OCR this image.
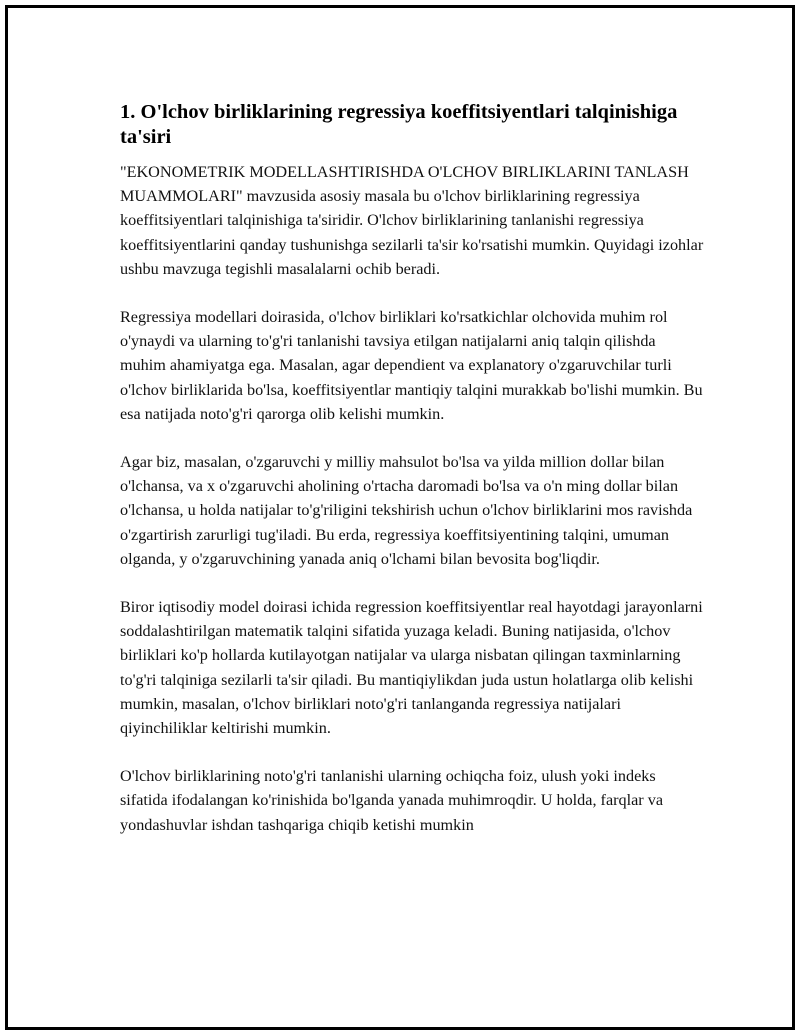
1. O'lchov birliklarining regressiya koeffitsiyentlari talqinishiga ta'siri

"EKONOMETRIK MODELLASHTIRISHDA O'LCHOV BIRLIKLARINI TANLASH MUAMMOLARI" mavzusida asosiy masala bu o'lchov birliklarining regressiya koeffitsiyentlari talqinishiga ta'siridir. O'lchov birliklarining tanlanishi regressiya koeffitsiyentlarini qanday tushunishga sezilarli ta'sir ko'rsatishi mumkin. Quyidagi izohlar ushbu mavzuga tegishli masalalarni ochib beradi.

Regressiya modellari doirasida, o'lchov birliklari ko'rsatkichlar olchovida muhim rol o'ynaydi va ularning to'g'ri tanlanishi tavsiya etilgan natijalarni aniq talqin qilishda muhim ahamiyatga ega. Masalan, agar dependient va explanatory o'zgaruvchilar turli o'lchov birliklarida bo'lsa, koeffitsiyentlar mantiqiy talqini murakkab bo'lishi mumkin. Bu esa natijada noto'g'ri qarorga olib kelishi mumkin.

Agar biz, masalan, o'zgaruvchi y milliy mahsulot bo'lsa va yilda million dollar bilan o'lchansa, va x o'zgaruvchi aholining o'rtacha daromadi bo'lsa va o'n ming dollar bilan o'lchansa, u holda natijalar to'g'riligini tekshirish uchun o'lchov birliklarini mos ravishda o'zgartirish zarurligi tug'iladi. Bu erda, regressiya koeffitsiyentining talqini, umuman olganda, y o'zgaruvchining yanada aniq o'lchami bilan bevosita bog'liqdir.

Biror iqtisodiy model doirasi ichida regression koeffitsiyentlar real hayotdagi jarayonlarni soddalashtirilgan matematik talqini sifatida yuzaga keladi. Buning natijasida, o'lchov birliklari ko'p hollarda kutilayotgan natijalar va ularga nisbatan qilingan taxminlarning to'g'ri talqiniga sezilarli ta'sir qiladi. Bu mantiqiylikdan juda ustun holatlarga olib kelishi mumkin, masalan, o'lchov birliklari noto'g'ri tanlanganda regressiya natijalari qiyinchiliklar keltirishi mumkin.

O'lchov birliklarining noto'g'ri tanlanishi ularning ochiqcha foiz, ulush yoki indeks sifatida ifodalangan ko'rinishida bo'lganda yanada muhimroqdir. U holda, farqlar va yondashuvlar ishdan tashqariga chiqib ketishi mumkin
